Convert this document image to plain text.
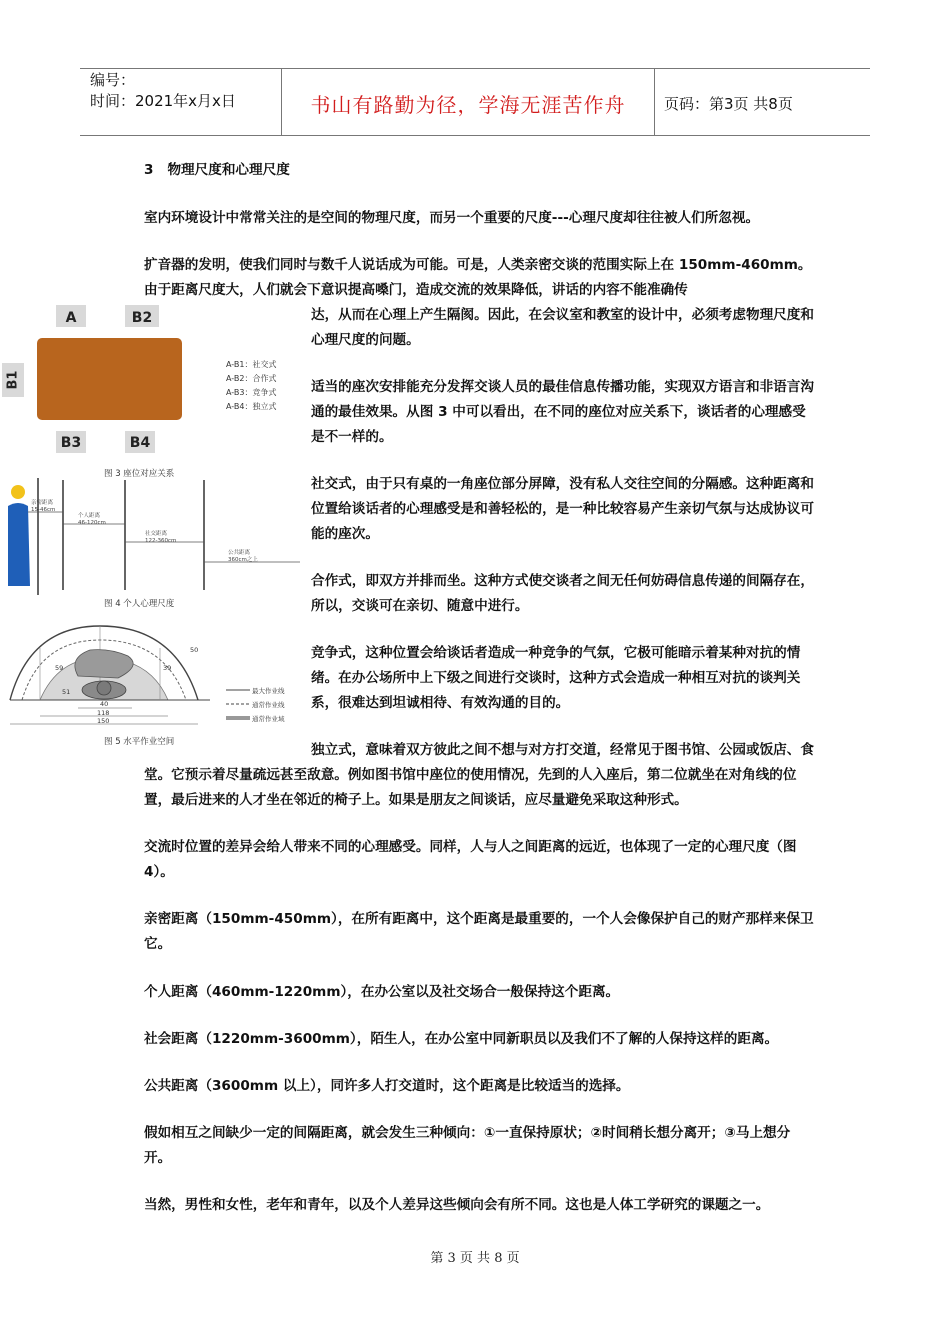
编号：
时间：2021年x月x日	书山有路勤为径，学海无涯苦作舟	页码：第3页 共8页
3 物理尺度和心理尺度

室内环境设计中常常关注的是空间的物理尺度，而另一个重要的尺度---心理尺度却往往被人们所忽视。

扩音器的发明，使我们同时与数千人说话成为可能。可是，人类亲密交谈的范围实际上在 150mm-460mm。由于距离尺度大，人们就会下意识提高嗓门，造成交流的效果降低，讲话的内容不能准确传

达，从而在心理上产生隔阂。因此，在会议室和教室的设计中，必须考虑物理尺度和心理尺度的问题。

适当的座次安排能充分发挥交谈人员的最佳信息传播功能，实现双方语言和非语言沟通的最佳效果。从图 3 中可以看出，在不同的座位对应关系下，谈话者的心理感受是不一样的。

社交式，由于只有桌的一角座位部分屏障，没有私人交往空间的分隔感。这种距离和位置给谈话者的心理感受是和善轻松的，是一种比较容易产生亲切气氛与达成协议可能的座次。

合作式，即双方并排而坐。这种方式使交谈者之间无任何妨碍信息传递的间隔存在，所以，交谈可在亲切、随意中进行。

竞争式，这种位置会给谈话者造成一种竞争的气氛，它极可能暗示着某种对抗的情绪。在办公场所中上下级之间进行交谈时，这种方式会造成一种相互对抗的谈判关系，很难达到坦诚相待、有效沟通的目的。

独立式，意味着双方彼此之间不想与对方打交道，经常见于图书馆、公园或饭店、食堂。它预示着尽量疏远甚至敌意。例如图书馆中座位的使用情况，先到的人入座后，第二位就坐在对角线的位置，最后进来的人才坐在邻近的椅子上。如果是朋友之间谈话，应尽量避免采取这种形式。

交流时位置的差异会给人带来不同的心理感受。同样，人与人之间距离的远近，也体现了一定的心理尺度（图 4）。

亲密距离（150mm-450mm），在所有距离中，这个距离是最重要的，一个人会像保护自己的财产那样来保卫它。

个人距离（460mm-1220mm），在办公室以及社交场合一般保持这个距离。

社会距离（1220mm-3600mm），陌生人，在办公室中同新职员以及我们不了解的人保持这样的距离。

公共距离（3600mm 以上），同许多人打交道时，这个距离是比较适当的选择。

假如相互之间缺少一定的间隔距离，就会发生三种倾向：①一直保持原状；②时间稍长想分离开；③马上想分开。

当然，男性和女性，老年和青年，以及个人差异这些倾向会有所不同。这也是人体工学研究的课题之一。

A	B2
B1
B3	B4
A-B1：社交式
A-B2：合作式
A-B3：竞争式
A-B4：独立式
图 3 座位对应关系
亲密距离 15-46cm
个人距离 46-120cm
社交距离 122-360cm
公共距离 360cm之上
图 4 个人心理尺度
59	39
50
51
40
118
150
最大作业线
通常作业线
通常作业域
图 5 水平作业空间
第 3 页 共 8 页
